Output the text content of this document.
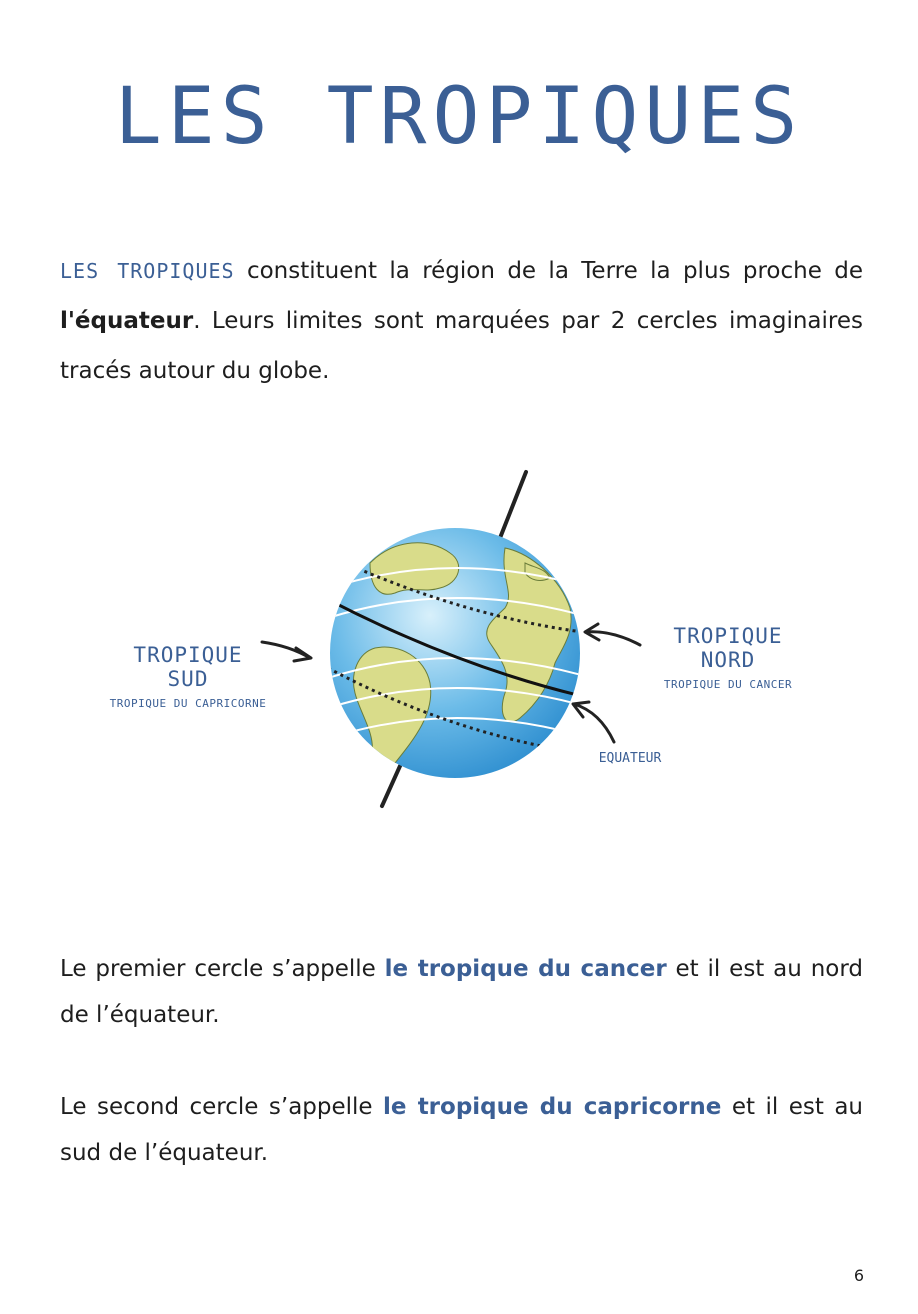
LES TROPIQUES

LES TROPIQUES constituent la région de la Terre la plus proche de l'équateur. Leurs limites sont marquées par 2 cercles imaginaires tracés autour du globe.

TROPIQUE SUD
TROPIQUE DU CAPRICORNE
TROPIQUE NORD
TROPIQUE DU CANCER
EQUATEUR

Le premier cercle s’appelle le tropique du cancer et il est au nord de l’équateur.

Le second cercle s’appelle le tropique du capricorne et il est au sud de l’équateur.

6
